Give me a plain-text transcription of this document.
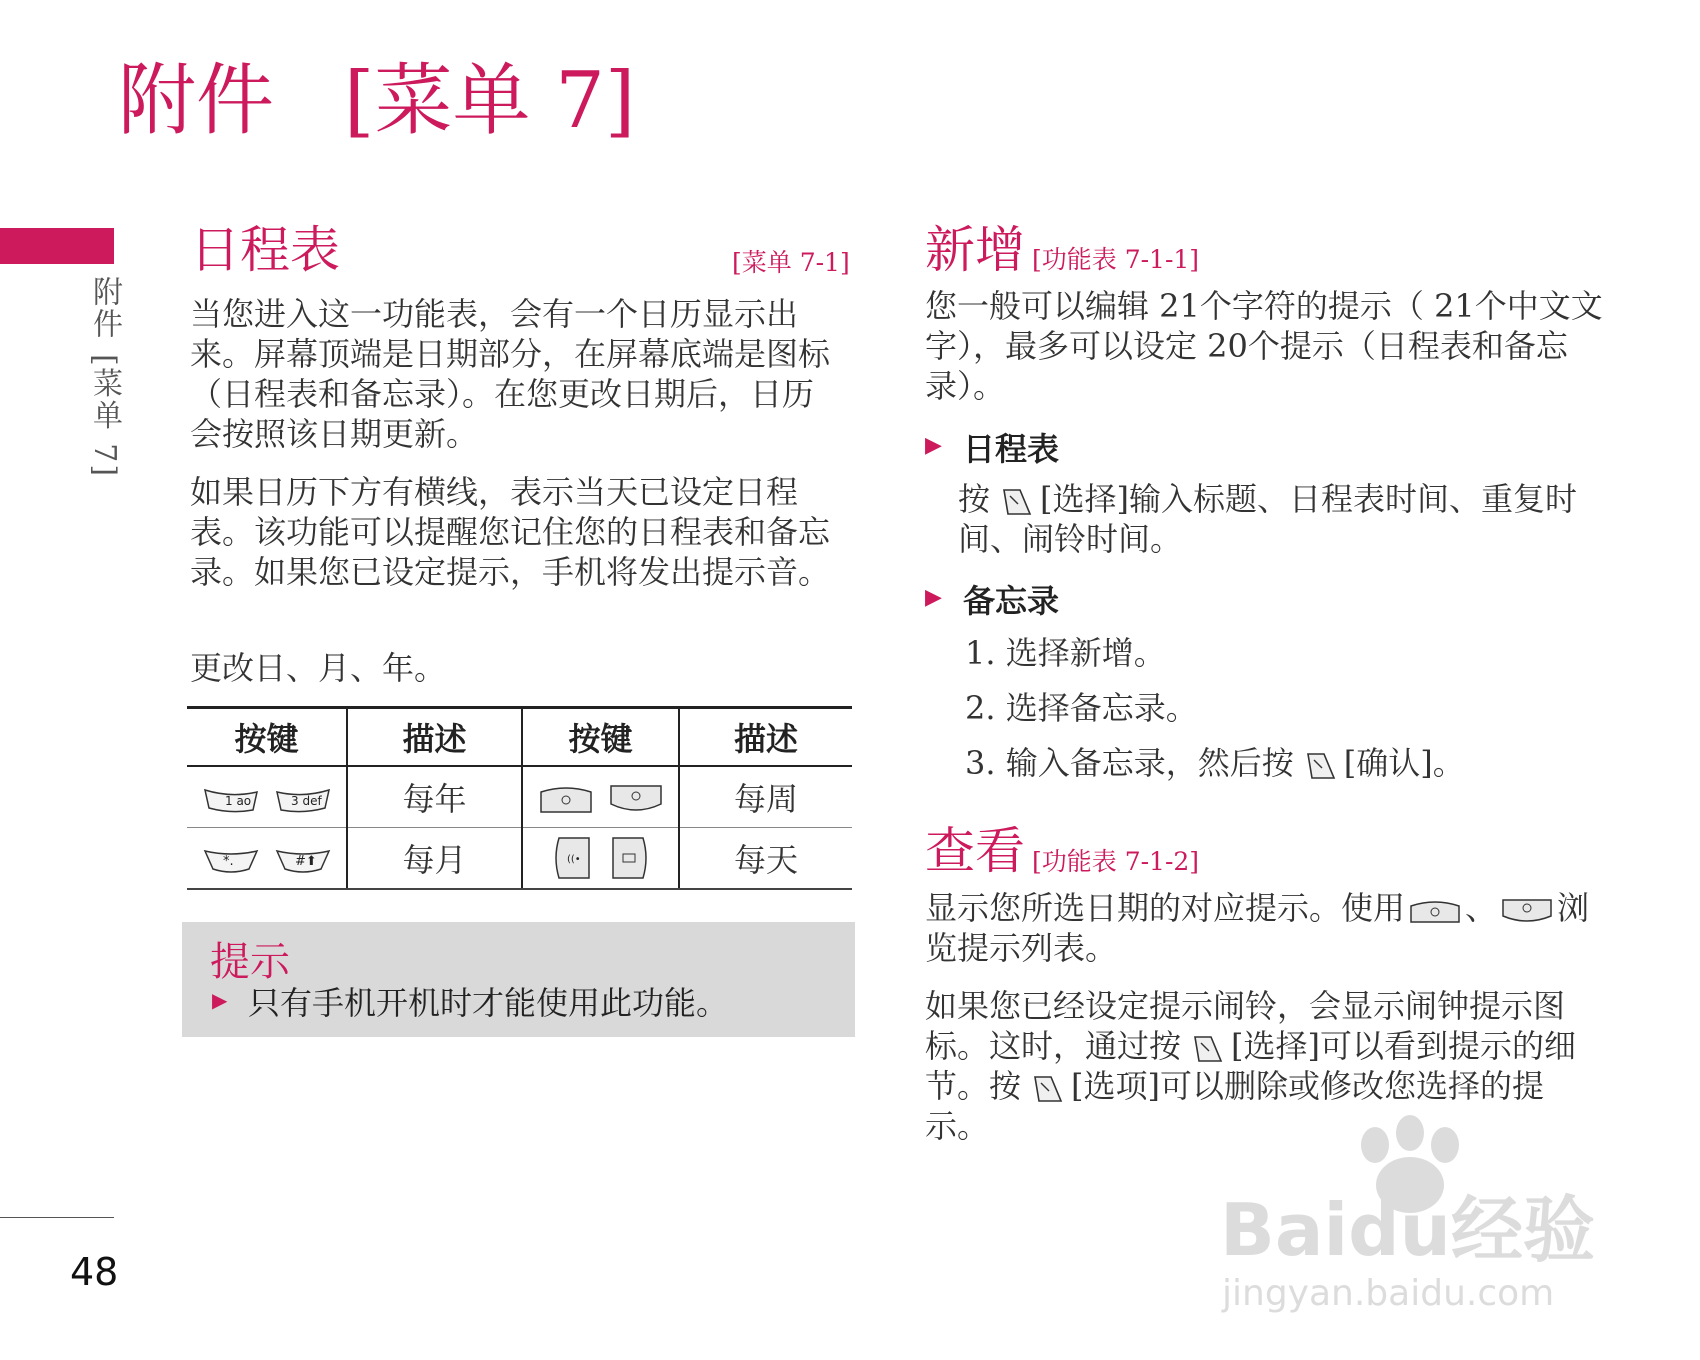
附件 [菜单 7]
附件[菜单 7]
48
日程表	[菜单 7-1]
当您进入这一功能表，会有一个日历显示出来。屏幕顶端是日期部分，在屏幕底端是图标（日程表和备忘录）。在您更改日期后，日历会按照该日期更新。
如果日历下方有横线，表示当天已设定日程表。该功能可以提醒您记住您的日程表和备忘录。如果您已设定提示，手机将发出提示音。
更改日、月、年。
按键	描述	按键	描述

1 ao 3 def	每年		每周

*. #⬆	每月	((•	每天
提示
▶ 只有手机开机时才能使用此功能。
新增 [功能表 7-1-1]
您一般可以编辑 21个字符的提示（ 21个中文文字），最多可以设定 20个提示（日程表和备忘录）。
▶ 日程表
按 [选择]输入标题、日程表时间、重复时间、闹铃时间。
▶ 备忘录
1. 选择新增。
2. 选择备忘录。
3. 输入备忘录，然后按 [确认]。
查看 [功能表 7-1-2]
显示您所选日期的对应提示。使用 、 浏览提示列表。
如果您已经设定提示闹铃，会显示闹钟提示图标。这时，通过按 [选择]可以看到提示的细节。按 [选项]可以删除或修改您选择的提示。
Baidu经验
jingyan.baidu.com
